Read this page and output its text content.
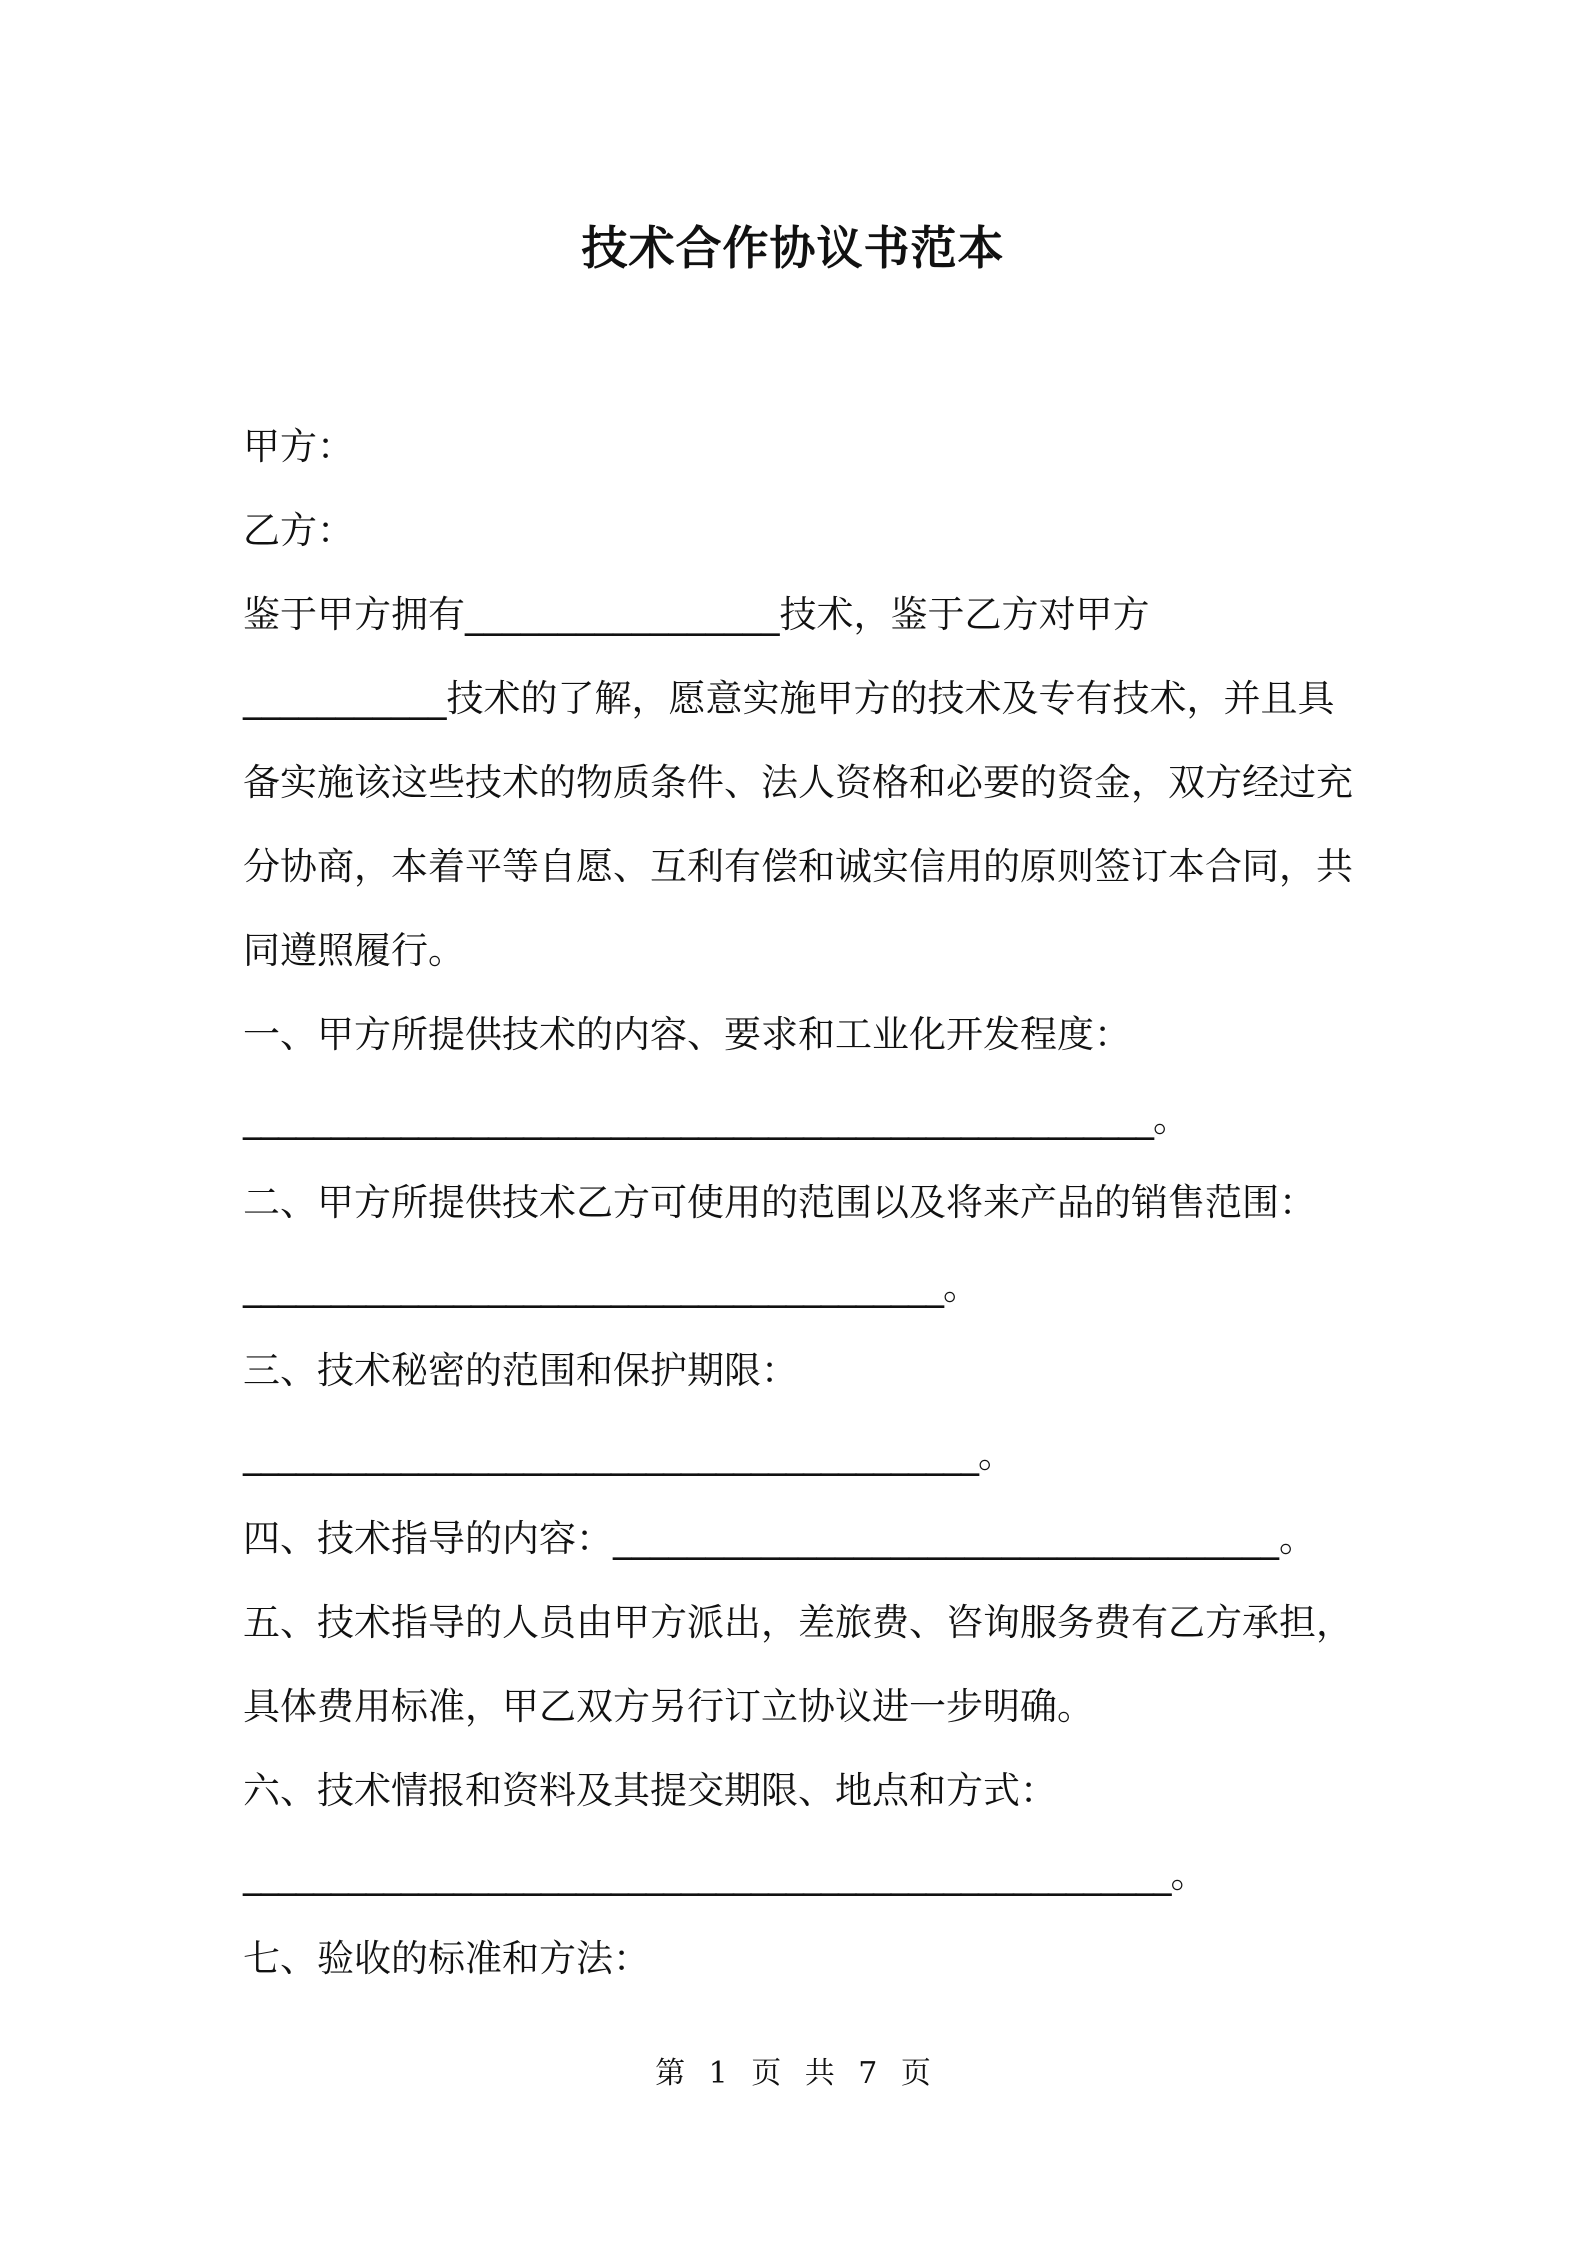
技术合作协议书范本
甲方：
乙方：
鉴于甲方拥有_________________技术，鉴于乙方对甲方
___________技术的了解，愿意实施甲方的技术及专有技术，并且具
备实施该这些技术的物质条件、法人资格和必要的资金，双方经过充
分协商，本着平等自愿、互利有偿和诚实信用的原则签订本合同，共
同遵照履行。
一、甲方所提供技术的内容、要求和工业化开发程度：
____________________________________________________。
二、甲方所提供技术乙方可使用的范围以及将来产品的销售范围：
________________________________________。
三、技术秘密的范围和保护期限：
__________________________________________。
四、技术指导的内容：____________________________________。
五、技术指导的人员由甲方派出，差旅费、咨询服务费有乙方承担，
具体费用标准，甲乙双方另行订立协议进一步明确。
六、技术情报和资料及其提交期限、地点和方式：
_____________________________________________________。
七、验收的标准和方法：
第 1 页 共 7 页
